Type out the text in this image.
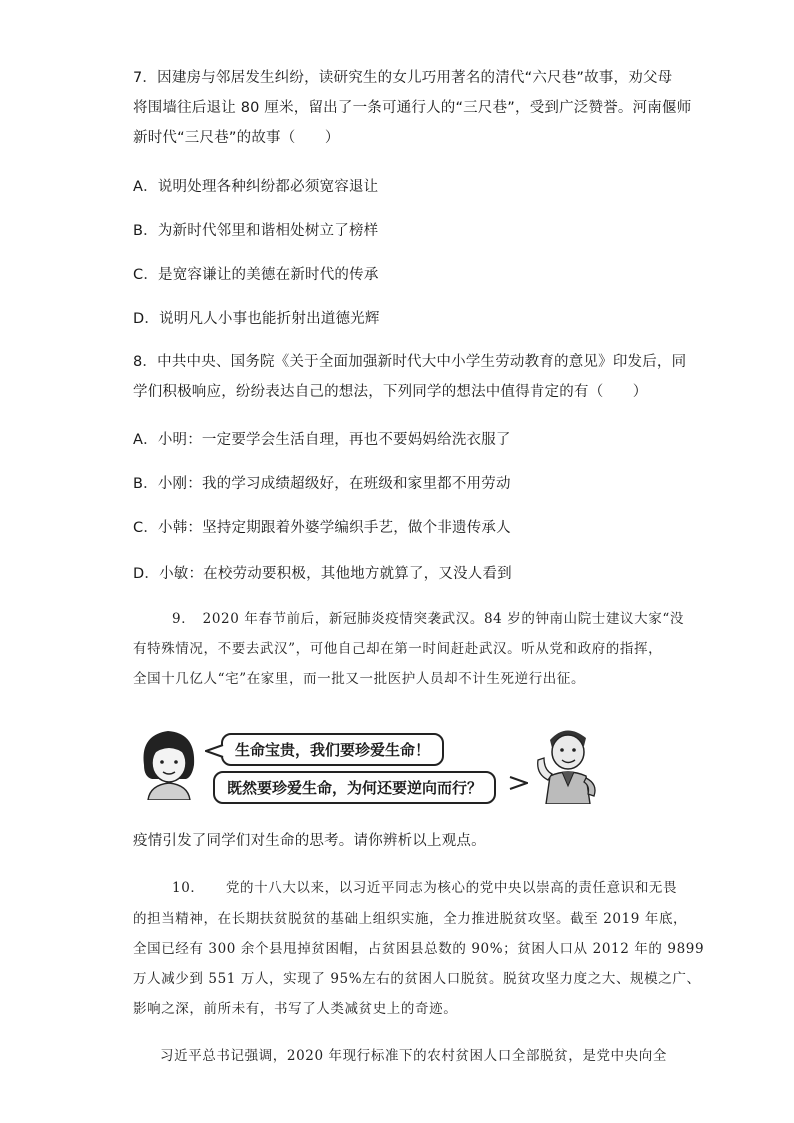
7．因建房与邻居发生纠纷，读研究生的女儿巧用著名的清代“六尺巷”故事，劝父母
将围墙往后退让 80 厘米，留出了一条可通行人的“三尺巷”，受到广泛赞誉。河南偃师
新时代“三尺巷”的故事（　　）
A．说明处理各种纠纷都必须宽容退让
B．为新时代邻里和谐相处树立了榜样
C．是宽容谦让的美德在新时代的传承
D．说明凡人小事也能折射出道德光辉
8．中共中央、国务院《关于全面加强新时代大中小学生劳动教育的意见》印发后，同
学们积极响应，纷纷表达自己的想法，下列同学的想法中值得肯定的有（　　）
A．小明：一定要学会生活自理，再也不要妈妈给洗衣服了
B．小刚：我的学习成绩超级好，在班级和家里都不用劳动
C．小韩：坚持定期跟着外婆学编织手艺，做个非遗传承人
D．小敏：在校劳动要积极，其他地方就算了，又没人看到
9．　2020 年春节前后，新冠肺炎疫情突袭武汉。84 岁的钟南山院士建议大家“没
有特殊情况，不要去武汉”，可他自己却在第一时间赶赴武汉。听从党和政府的指挥，
全国十几亿人“宅”在家里，而一批又一批医护人员却不计生死逆行出征。
生命宝贵，我们要珍爱生命！
既然要珍爱生命，为何还要逆向而行？
疫情引发了同学们对生命的思考。请你辨析以上观点。
10．　　党的十八大以来，以习近平同志为核心的党中央以崇高的责任意识和无畏
的担当精神，在长期扶贫脱贫的基础上组织实施，全力推进脱贫攻坚。截至 2019 年底，
全国已经有 300 余个县甩掉贫困帽，占贫困县总数的 90%；贫困人口从 2012 年的 9899
万人减少到 551 万人，实现了 95%左右的贫困人口脱贫。脱贫攻坚力度之大、规模之广、
影响之深，前所未有，书写了人类减贫史上的奇迹。
习近平总书记强调，2020 年现行标准下的农村贫困人口全部脱贫，是党中央向全
